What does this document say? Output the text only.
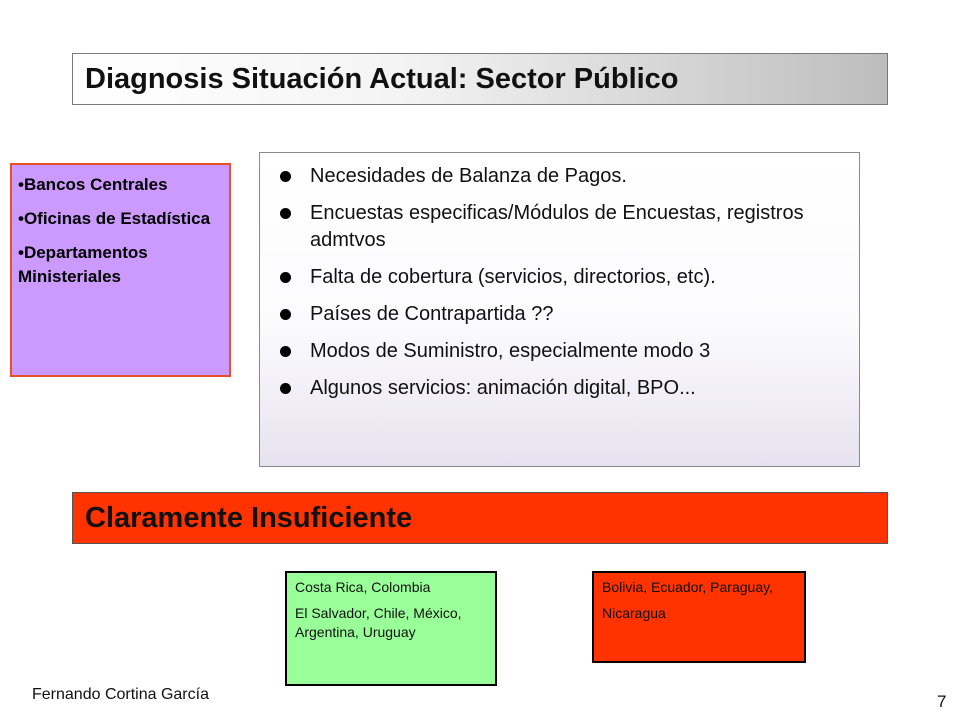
Diagnosis Situación Actual: Sector Público
•Bancos Centrales
•Oficinas de Estadística
•Departamentos Ministeriales
Necesidades de Balanza de Pagos.
Encuestas especificas/Módulos de Encuestas, registros admtvos
Falta de cobertura (servicios, directorios, etc).
Países de Contrapartida ??
Modos de Suministro, especialmente modo 3
Algunos servicios: animación digital, BPO...
Claramente Insuficiente

Costa Rica, Colombia

El Salvador, Chile, México, Argentina, Uruguay

Bolivia, Ecuador, Paraguay,

Nicaragua

Fernando Cortina García	7
